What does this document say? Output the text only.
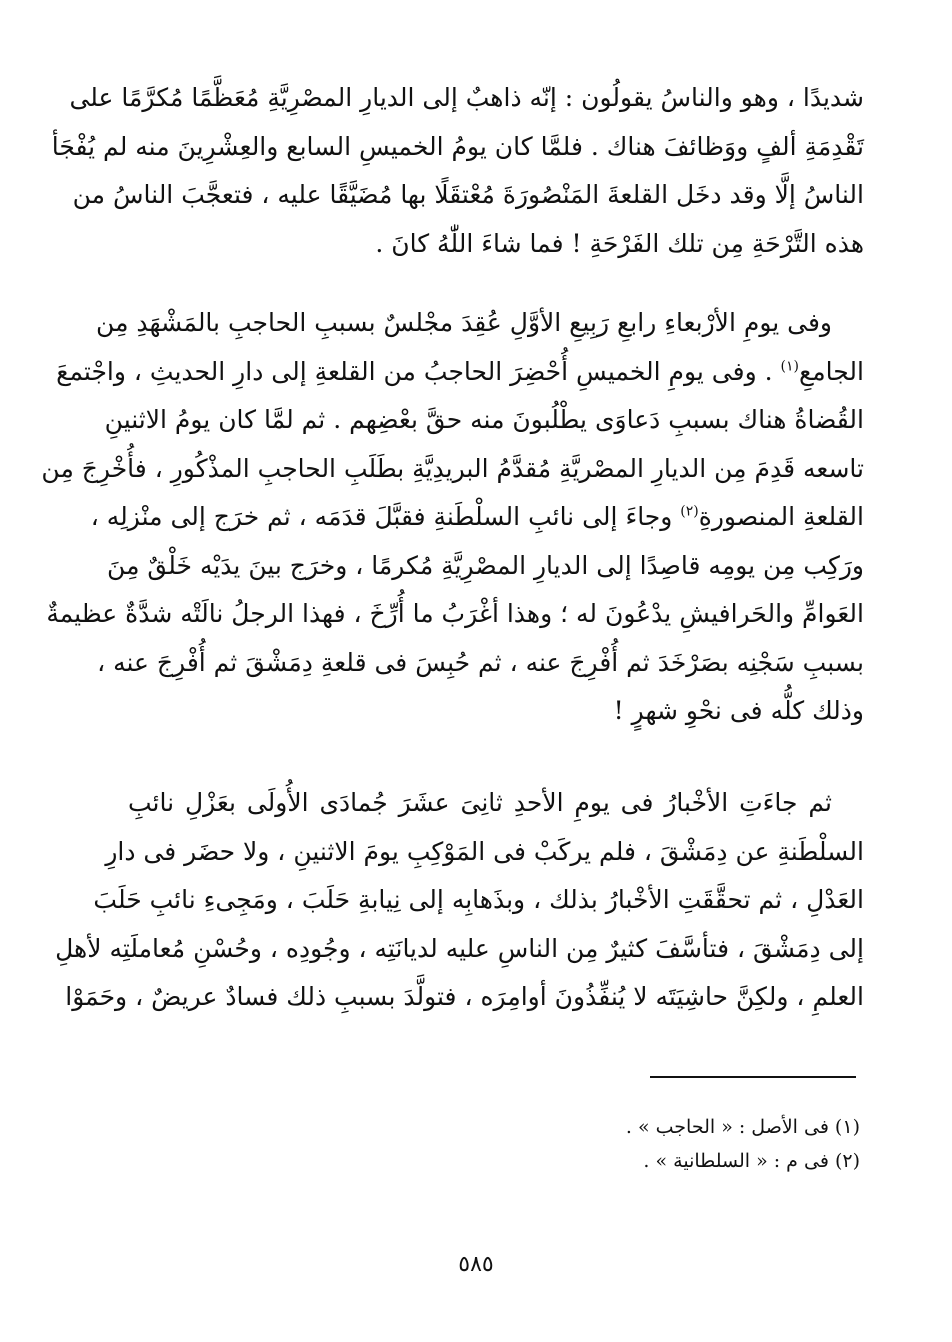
شديدًا ، وهو والناسُ يقولُون : إنّه ذاهبٌ إلى الديارِ المصْرِيَّةِ مُعَظَّمًا مُكرَّمًا على
تَقْدِمَةِ ألفٍ ووَظائفَ هناك . فلمَّا كان يومُ الخميسِ السابع والعِشْرِينَ منه لم يُفْجَأ
الناسُ إلَّا وقد دخَل القلعةَ المَنْصُورَةَ مُعْتقَلًا بها مُضَيَّقًا عليه ، فتعجَّبَ الناسُ من
هذه التَّرْحَةِ مِن تلك الفَرْحَةِ ! فما شاءَ اللّٰهُ كانَ .
وفى يومِ الأرْبعاءِ رابعِ رَبِيعِ الأوَّلِ عُقِدَ مجْلسٌ بسببِ الحاجبِ بالمَشْهَدِ مِن
الجامعِ$^{(١)}$ . وفى يومِ الخميسِ أُحْضِرَ الحاجبُ من القلعةِ إلى دارِ الحديثِ ، واجْتمعَ
القُضاةُ هناك بسببِ دَعاوَى يطْلُبونَ منه حقَّ بعْضِهم . ثم لمَّا كان يومُ الاثنينِ
تاسعه قَدِمَ مِن الديارِ المصْريَّةِ مُقدَّمُ البريدِيَّةِ بطَلَبِ الحاجبِ المذْكُورِ ، فأُخْرِجَ مِن
القلعةِ المنصورةِ$^{(٢)}$ وجاءَ إلى نائبِ السلْطَنةِ فقبَّلَ قدَمَه ، ثم خرَج إلى منْزلِه ،
ورَكِب مِن يومِه قاصِدًا إلى الديارِ المصْرِيَّةِ مُكرمًا ، وخرَج بينَ يدَيْه خَلْقٌ مِنَ
العَوامِّ والحَرافيشِ يدْعُونَ له ؛ وهذا أغْرَبُ ما أُرِّخَ ، فهذا الرجلُ نالَتْه شدَّةٌ عظيمةٌ
بسببِ سَجْنِه بصَرْخَدَ ثم أُفْرِجَ عنه ، ثم حُبِسَ فى قلعةِ دِمَشْقَ ثم أُفْرِجَ عنه ،
وذلك كلُّه فى نحْوِ شهرٍ !
ثم جاءَتِ الأخْبارُ فى يومِ الأحدِ ثانِىَ عشَرَ جُمادَى الأُولَى بعَزْلِ نائبِ
السلْطَنةِ عن دِمَشْقَ ، فلم يركَبْ فى المَوْكِبِ يومَ الاثنينِ ، ولا حضَر فى دارِ
العَدْلِ ، ثم تحقَّقَتِ الأخْبارُ بذلك ، وبذَهابِه إلى نِيابةِ حَلَبَ ، ومَجِىءِ نائبِ حَلَبَ
إلى دِمَشْقَ ، فتأسَّفَ كثيرٌ مِن الناسِ عليه لديانَتِه ، وجُودِه ، وحُسْنِ مُعاملَتِه لأهلِ
العلمِ ، ولكِنَّ حاشِيَتَه لا يُنفِّذُونَ أوامِرَه ، فتولَّدَ بسببِ ذلك فسادٌ عريضٌ ، وحَمَوْا
(١) فى الأصل : « الحاجب » .
(٢) فى م : « السلطانية » .
٥٨٥
